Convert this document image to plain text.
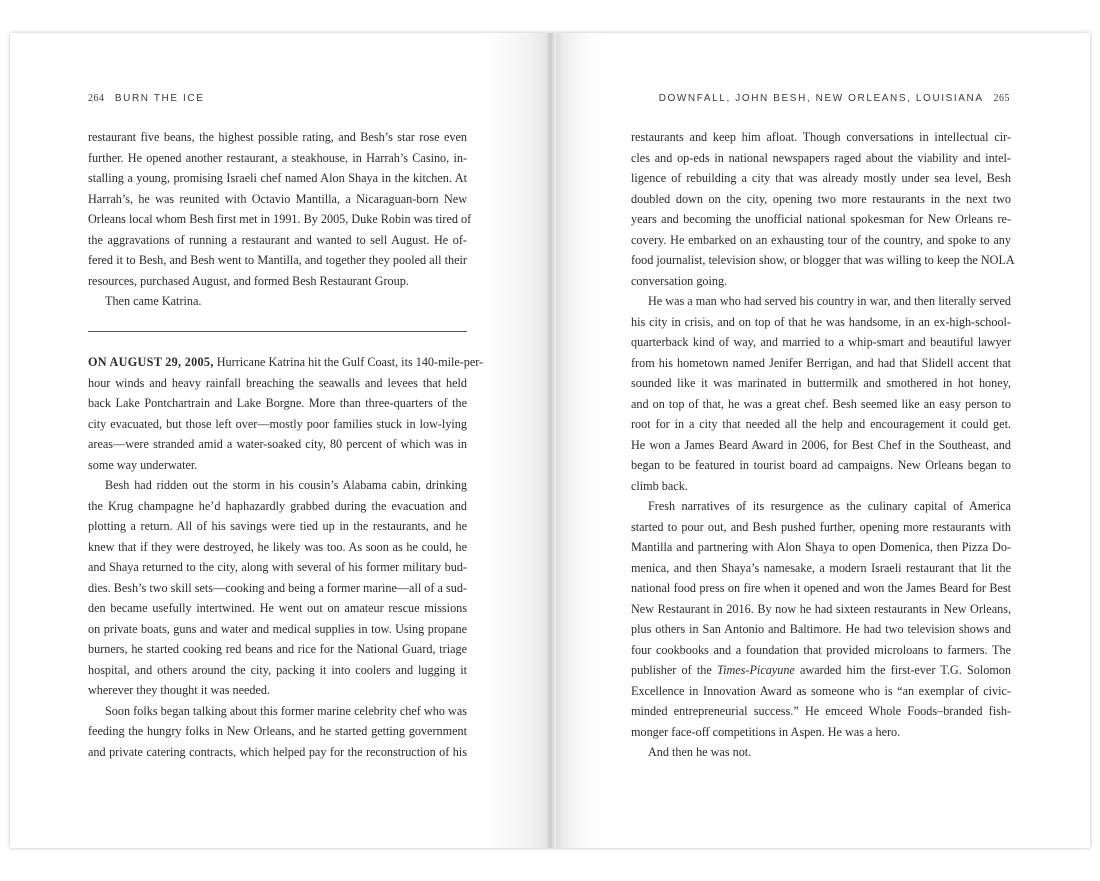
264 BURN THE ICE
restaurant five beans, the highest possible rating, and Besh’s star rose even
further. He opened another restaurant, a steakhouse, in Harrah’s Casino, in-
stalling a young, promising Israeli chef named Alon Shaya in the kitchen. At
Harrah’s, he was reunited with Octavio Mantilla, a Nicaraguan-born New
Orleans local whom Besh first met in 1991. By 2005, Duke Robin was tired of
the aggravations of running a restaurant and wanted to sell August. He of-
fered it to Besh, and Besh went to Mantilla, and together they pooled all their
resources, purchased August, and formed Besh Restaurant Group.
Then came Katrina.
ON AUGUST 29, 2005, Hurricane Katrina hit the Gulf Coast, its 140-mile-per-
hour winds and heavy rainfall breaching the seawalls and levees that held
back Lake Pontchartrain and Lake Borgne. More than three-quarters of the
city evacuated, but those left over—mostly poor families stuck in low-lying
areas—were stranded amid a water-soaked city, 80 percent of which was in
some way underwater.
Besh had ridden out the storm in his cousin’s Alabama cabin, drinking
the Krug champagne he’d haphazardly grabbed during the evacuation and
plotting a return. All of his savings were tied up in the restaurants, and he
knew that if they were destroyed, he likely was too. As soon as he could, he
and Shaya returned to the city, along with several of his former military bud-
dies. Besh’s two skill sets—cooking and being a former marine—all of a sud-
den became usefully intertwined. He went out on amateur rescue missions
on private boats, guns and water and medical supplies in tow. Using propane
burners, he started cooking red beans and rice for the National Guard, triage
hospital, and others around the city, packing it into coolers and lugging it
wherever they thought it was needed.
Soon folks began talking about this former marine celebrity chef who was
feeding the hungry folks in New Orleans, and he started getting government
and private catering contracts, which helped pay for the reconstruction of his
DOWNFALL, JOHN BESH, NEW ORLEANS, LOUISIANA 265
restaurants and keep him afloat. Though conversations in intellectual cir-
cles and op-eds in national newspapers raged about the viability and intel-
ligence of rebuilding a city that was already mostly under sea level, Besh
doubled down on the city, opening two more restaurants in the next two
years and becoming the unofficial national spokesman for New Orleans re-
covery. He embarked on an exhausting tour of the country, and spoke to any
food journalist, television show, or blogger that was willing to keep the NOLA
conversation going.
He was a man who had served his country in war, and then literally served
his city in crisis, and on top of that he was handsome, in an ex-high-school-
quarterback kind of way, and married to a whip-smart and beautiful lawyer
from his hometown named Jenifer Berrigan, and had that Slidell accent that
sounded like it was marinated in buttermilk and smothered in hot honey,
and on top of that, he was a great chef. Besh seemed like an easy person to
root for in a city that needed all the help and encouragement it could get.
He won a James Beard Award in 2006, for Best Chef in the Southeast, and
began to be featured in tourist board ad campaigns. New Orleans began to
climb back.
Fresh narratives of its resurgence as the culinary capital of America
started to pour out, and Besh pushed further, opening more restaurants with
Mantilla and partnering with Alon Shaya to open Domenica, then Pizza Do-
menica, and then Shaya’s namesake, a modern Israeli restaurant that lit the
national food press on fire when it opened and won the James Beard for Best
New Restaurant in 2016. By now he had sixteen restaurants in New Orleans,
plus others in San Antonio and Baltimore. He had two television shows and
four cookbooks and a foundation that provided microloans to farmers. The
publisher of the Times-Picayune awarded him the first-ever T.G. Solomon
Excellence in Innovation Award as someone who is “an exemplar of civic-
minded entrepreneurial success.” He emceed Whole Foods–branded fish-
monger face-off competitions in Aspen. He was a hero.
And then he was not.
